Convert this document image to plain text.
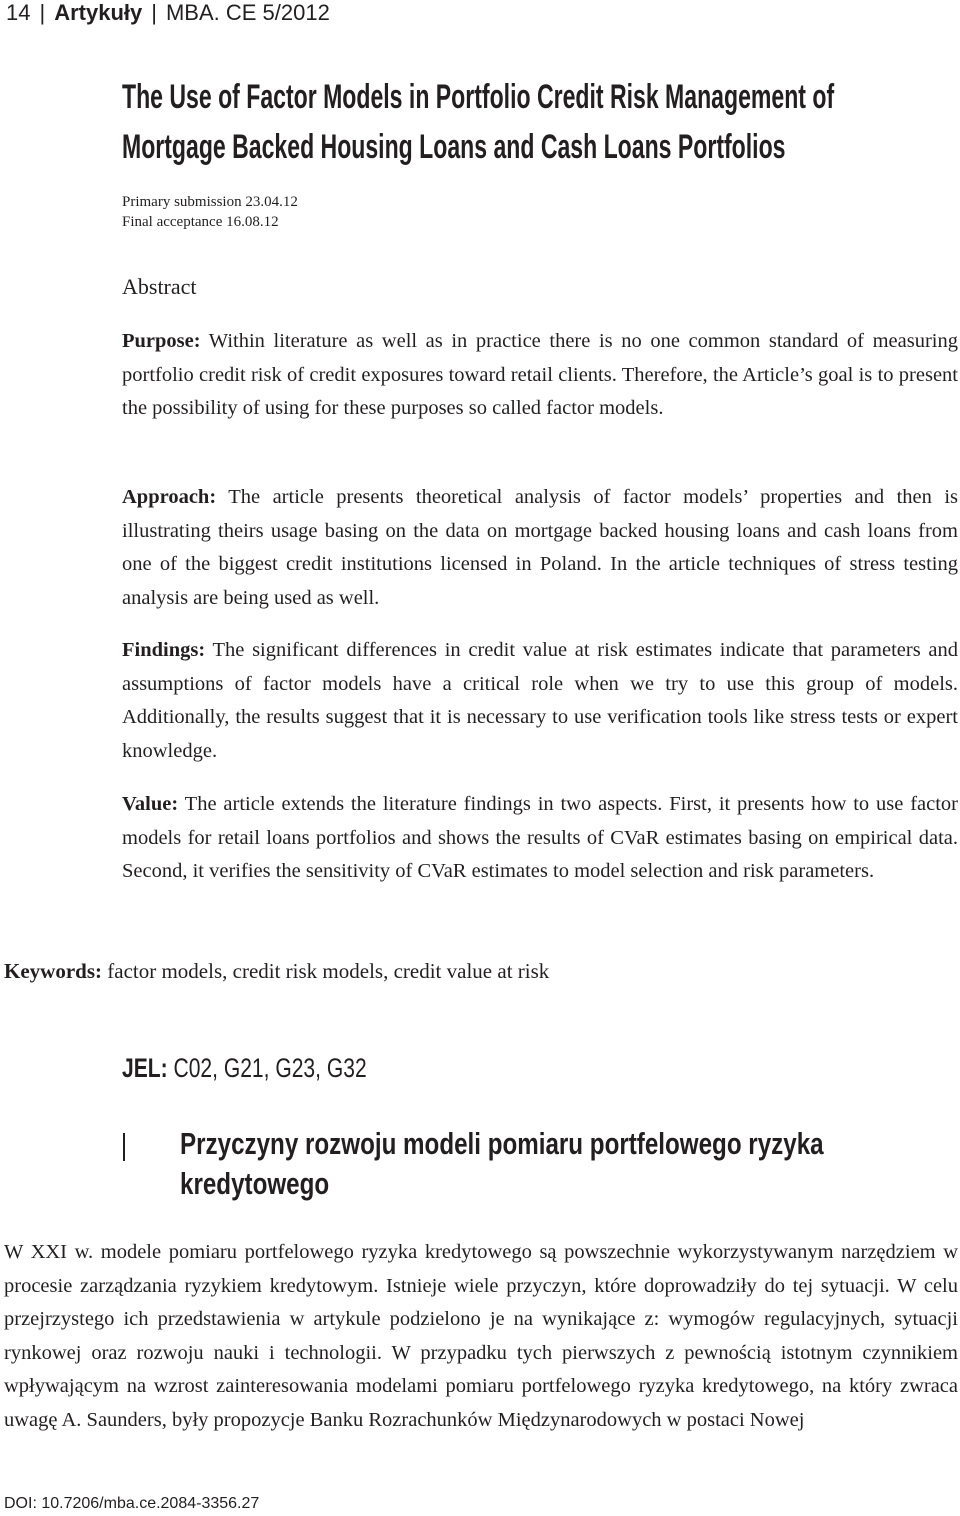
14 | Artykuły | MBA. CE 5/2012
The Use of Factor Models in Portfolio Credit Risk Management of
Mortgage Backed Housing Loans and Cash Loans Portfolios
Primary submission 23.04.12
Final acceptance 16.08.12
Abstract
Purpose: Within literature as well as in practice there is no one common standard of measuring portfolio credit risk of credit exposures toward retail clients. Therefore, the Article’s goal is to present the possibility of using for these purposes so called factor models.
Approach: The article presents theoretical analysis of factor models’ properties and then is illustrating theirs usage basing on the data on mortgage backed housing loans and cash loans from one of the biggest credit institutions licensed in Poland. In the article techniques of stress testing analysis are being used as well.
Findings: The significant differences in credit value at risk estimates indicate that parameters and assumptions of factor models have a critical role when we try to use this group of models. Additionally, the results suggest that it is necessary to use verification tools like stress tests or expert knowledge.
Value: The article extends the literature findings in two aspects. First, it presents how to use factor models for retail loans portfolios and shows the results of CVaR estimates basing on empirical data. Second, it verifies the sensitivity of CVaR estimates to model selection and risk parameters.
Keywords: factor models, credit risk models, credit value at risk
JEL: C02, G21, G23, G32
Przyczyny rozwoju modeli pomiaru portfelowego ryzyka kredytowego
W XXI w. modele pomiaru portfelowego ryzyka kredytowego są powszechnie wykorzystywanym narzędziem w procesie zarządzania ryzykiem kredytowym. Istnieje wiele przyczyn, które doprowadziły do tej sytuacji. W celu przejrzystego ich przedstawienia w artykule podzielono je na wynikające z: wymogów regulacyjnych, sytuacji rynkowej oraz rozwoju nauki i technologii. W przypadku tych pierwszych z pewnością istotnym czynnikiem wpływającym na wzrost zainteresowania modelami pomiaru portfelowego ryzyka kredytowego, na który zwraca uwagę A. Saunders, były propozycje Banku Rozrachunków Międzynarodowych w postaci Nowej
DOI: 10.7206/mba.ce.2084-3356.27
